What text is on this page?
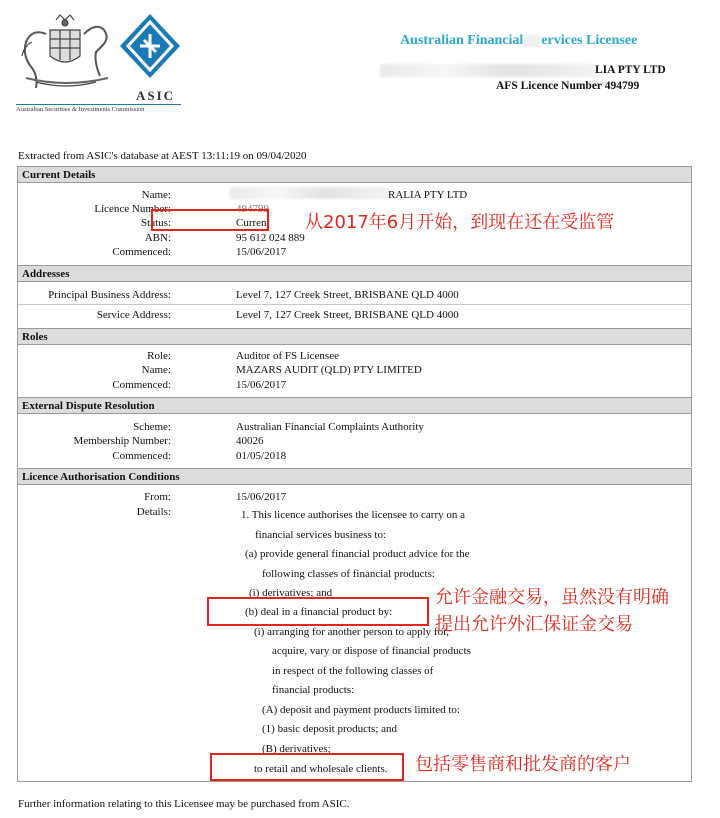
ASIC
Australian Securities & Investments Commission
Australian Financial ervices Licensee
LIA PTY LTD
AFS Licence Number 494799
Extracted from ASIC's database at AEST 13:11:19 on 09/04/2020
Current Details
Name:	RALIA PTY LTD
Licence Number:	494799
Status:	Current
ABN:	95 612 024 889
Commenced:	15/06/2017
Addresses
Principal Business Address:	Level 7, 127 Creek Street, BRISBANE QLD 4000
Service Address:	Level 7, 127 Creek Street, BRISBANE QLD 4000
Roles
Role:	Auditor of FS Licensee
Name:	MAZARS AUDIT (QLD) PTY LIMITED
Commenced:	15/06/2017
External Dispute Resolution
Scheme:	Australian Financial Complaints Authority
Membership Number:	40026
Commenced:	01/05/2018
Licence Authorisation Conditions
From:	15/06/2017
Details:	1. This licence authorises the licensee to carry on a
financial services business to:
(a) provide general financial product advice for the
following classes of financial products:
(i) derivatives; and
(b) deal in a financial product by:
(i) arranging for another person to apply for,
acquire, vary or dispose of financial products
in respect of the following classes of
financial products:
(A) deposit and payment products limited to:
(1) basic deposit products; and
(B) derivatives;
to retail and wholesale clients.
Further information relating to this Licensee may be purchased from ASIC.
从2017年6月开始，到现在还在受监管
允许金融交易，虽然没有明确
提出允许外汇保证金交易
包括零售商和批发商的客户
